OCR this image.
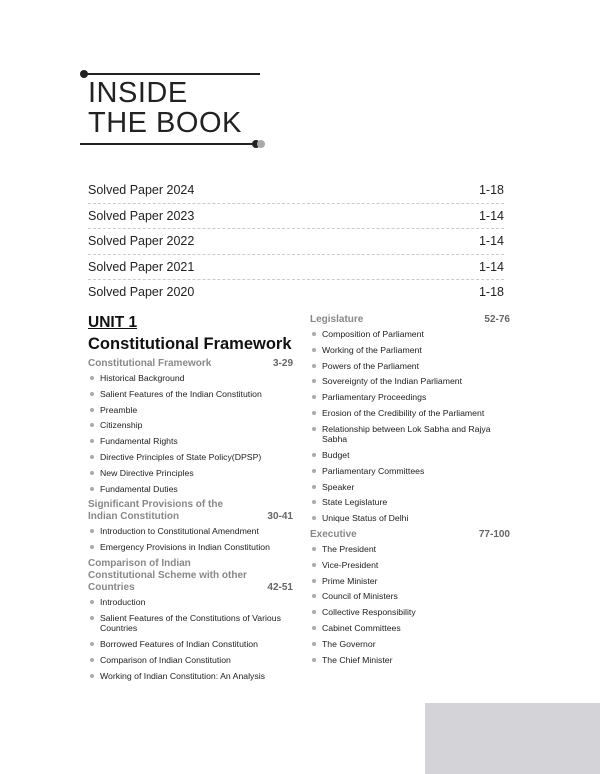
INSIDE
THE BOOK
Solved Paper 2024	1-18
Solved Paper 2023	1-14
Solved Paper 2022	1-14
Solved Paper 2021	1-14
Solved Paper 2020	1-18
UNIT 1
Constitutional Framework
Constitutional Framework	3-29
Historical Background
Salient Features of the Indian Constitution
Preamble
Citizenship
Fundamental Rights
Directive Principles of State Policy(DPSP)
New Directive Principles
Fundamental Duties
Significant Provisions of the Indian Constitution	30-41
Introduction to Constitutional Amendment
Emergency Provisions in Indian Constitution
Comparison of Indian Constitutional Scheme with other Countries	42-51
Introduction
Salient Features of the Constitutions of Various Countries
Borrowed Features of Indian Constitution
Comparison of Indian Constitution
Working of Indian Constitution: An Analysis
Legislature	52-76
Composition of Parliament
Working of the Parliament
Powers of the Parliament
Sovereignty of the Indian Parliament
Parliamentary Proceedings
Erosion of the Credibility of the Parliament
Relationship between Lok Sabha and Rajya Sabha
Budget
Parliamentary Committees
Speaker
State Legislature
Unique Status of Delhi
Executive	77-100
The President
Vice-President
Prime Minister
Council of Ministers
Collective Responsibility
Cabinet Committees
The Governor
The Chief Minister
